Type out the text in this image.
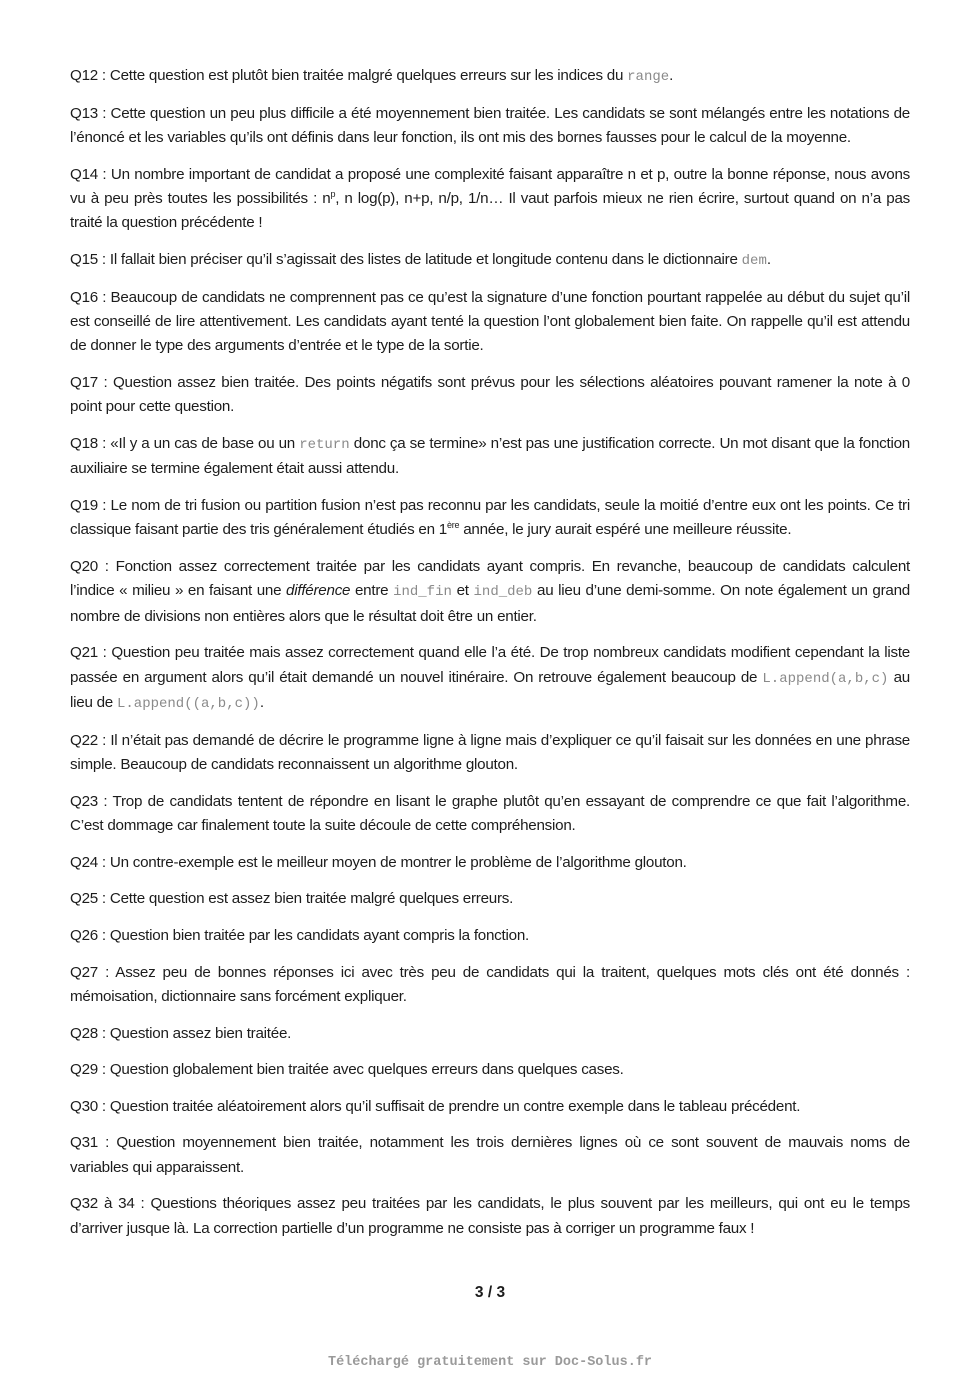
Q12 : Cette question est plutôt bien traitée malgré quelques erreurs sur les indices du range.

Q13 : Cette question un peu plus difficile a été moyennement bien traitée. Les candidats se sont mélangés entre les notations de l’énoncé et les variables qu’ils ont définis dans leur fonction, ils ont mis des bornes fausses pour le calcul de la moyenne.

Q14 : Un nombre important de candidat a proposé une complexité faisant apparaître n et p, outre la bonne réponse, nous avons vu à peu près toutes les possibilités : $n^p$, n log(p), n+p, n/p, 1/n… Il vaut parfois mieux ne rien écrire, surtout quand on n’a pas traité la question précédente !

Q15 : Il fallait bien préciser qu’il s’agissait des listes de latitude et longitude contenu dans le dictionnaire dem.

Q16 : Beaucoup de candidats ne comprennent pas ce qu’est la signature d’une fonction pourtant rappelée au début du sujet qu’il est conseillé de lire attentivement. Les candidats ayant tenté la question l’ont globalement bien faite. On rappelle qu’il est attendu de donner le type des arguments d’entrée et le type de la sortie.

Q17 : Question assez bien traitée. Des points négatifs sont prévus pour les sélections aléatoires pouvant ramener la note à 0 point pour cette question.

Q18 : «Il y a un cas de base ou un return donc ça se termine» n’est pas une justification correcte. Un mot disant que la fonction auxiliaire se termine également était aussi attendu.

Q19 : Le nom de tri fusion ou partition fusion n’est pas reconnu par les candidats, seule la moitié d’entre eux ont les points. Ce tri classique faisant partie des tris généralement étudiés en 1ère année, le jury aurait espéré une meilleure réussite.

Q20 : Fonction assez correctement traitée par les candidats ayant compris. En revanche, beaucoup de candidats calculent l’indice « milieu » en faisant une différence entre ind_fin et ind_deb au lieu d’une demi-somme. On note également un grand nombre de divisions non entières alors que le résultat doit être un entier.

Q21 : Question peu traitée mais assez correctement quand elle l’a été. De trop nombreux candidats modifient cependant la liste passée en argument alors qu’il était demandé un nouvel itinéraire. On retrouve également beaucoup de L.append(a,b,c) au lieu de L.append((a,b,c)).

Q22 : Il n’était pas demandé de décrire le programme ligne à ligne mais d’expliquer ce qu’il faisait sur les données en une phrase simple. Beaucoup de candidats reconnaissent un algorithme glouton.

Q23 : Trop de candidats tentent de répondre en lisant le graphe plutôt qu’en essayant de comprendre ce que fait l’algorithme. C’est dommage car finalement toute la suite découle de cette compréhension.

Q24 : Un contre-exemple est le meilleur moyen de montrer le problème de l’algorithme glouton.

Q25 : Cette question est assez bien traitée malgré quelques erreurs.

Q26 : Question bien traitée par les candidats ayant compris la fonction.

Q27 : Assez peu de bonnes réponses ici avec très peu de candidats qui la traitent, quelques mots clés ont été donnés : mémoisation, dictionnaire sans forcément expliquer.

Q28 : Question assez bien traitée.

Q29 : Question globalement bien traitée avec quelques erreurs dans quelques cases.

Q30 : Question traitée aléatoirement alors qu’il suffisait de prendre un contre exemple dans le tableau précédent.

Q31 : Question moyennement bien traitée, notamment les trois dernières lignes où ce sont souvent de mauvais noms de variables qui apparaissent.

Q32 à 34 : Questions théoriques assez peu traitées par les candidats, le plus souvent par les meilleurs, qui ont eu le temps d’arriver jusque là. La correction partielle d’un programme ne consiste pas à corriger un programme faux !

3 / 3
Téléchargé gratuitement sur Doc-Solus.fr
